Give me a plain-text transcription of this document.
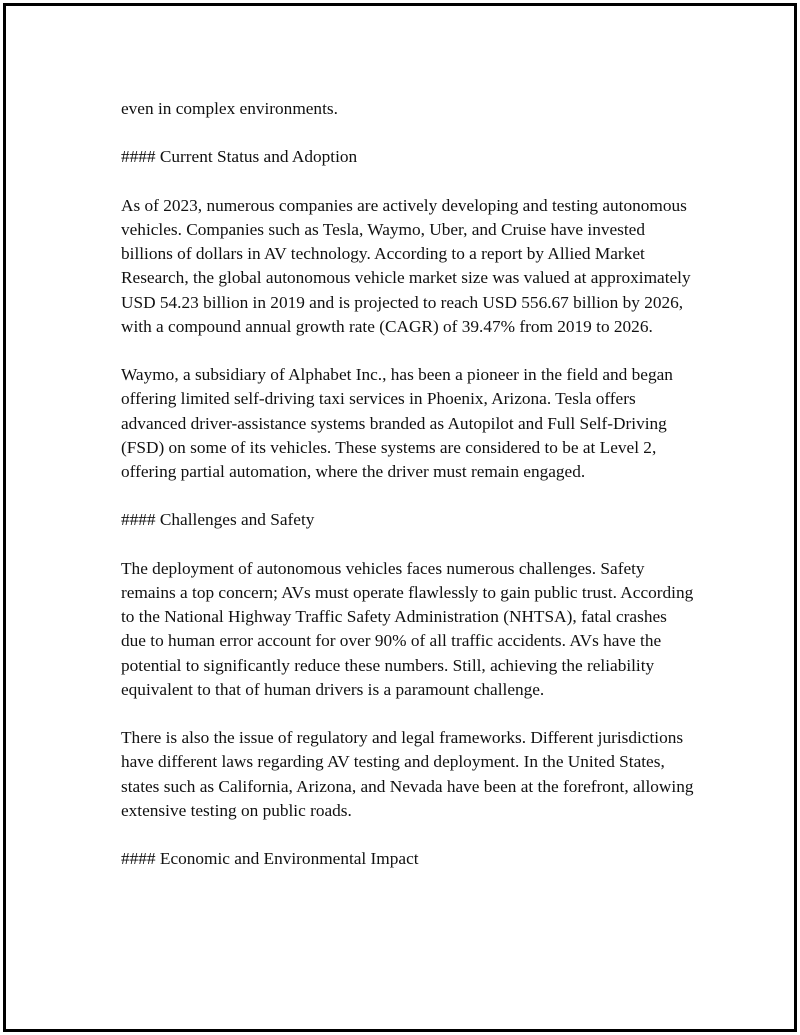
even in complex environments.

#### Current Status and Adoption

As of 2023, numerous companies are actively developing and testing autonomous vehicles. Companies such as Tesla, Waymo, Uber, and Cruise have invested billions of dollars in AV technology. According to a report by Allied Market Research, the global autonomous vehicle market size was valued at approximately USD 54.23 billion in 2019 and is projected to reach USD 556.67 billion by 2026, with a compound annual growth rate (CAGR) of 39.47% from 2019 to 2026.

Waymo, a subsidiary of Alphabet Inc., has been a pioneer in the field and began offering limited self-driving taxi services in Phoenix, Arizona. Tesla offers advanced driver-assistance systems branded as Autopilot and Full Self-Driving (FSD) on some of its vehicles. These systems are considered to be at Level 2, offering partial automation, where the driver must remain engaged.

#### Challenges and Safety

The deployment of autonomous vehicles faces numerous challenges. Safety remains a top concern; AVs must operate flawlessly to gain public trust. According to the National Highway Traffic Safety Administration (NHTSA), fatal crashes due to human error account for over 90% of all traffic accidents. AVs have the potential to significantly reduce these numbers. Still, achieving the reliability equivalent to that of human drivers is a paramount challenge.

There is also the issue of regulatory and legal frameworks. Different jurisdictions have different laws regarding AV testing and deployment. In the United States, states such as California, Arizona, and Nevada have been at the forefront, allowing extensive testing on public roads.

#### Economic and Environmental Impact
